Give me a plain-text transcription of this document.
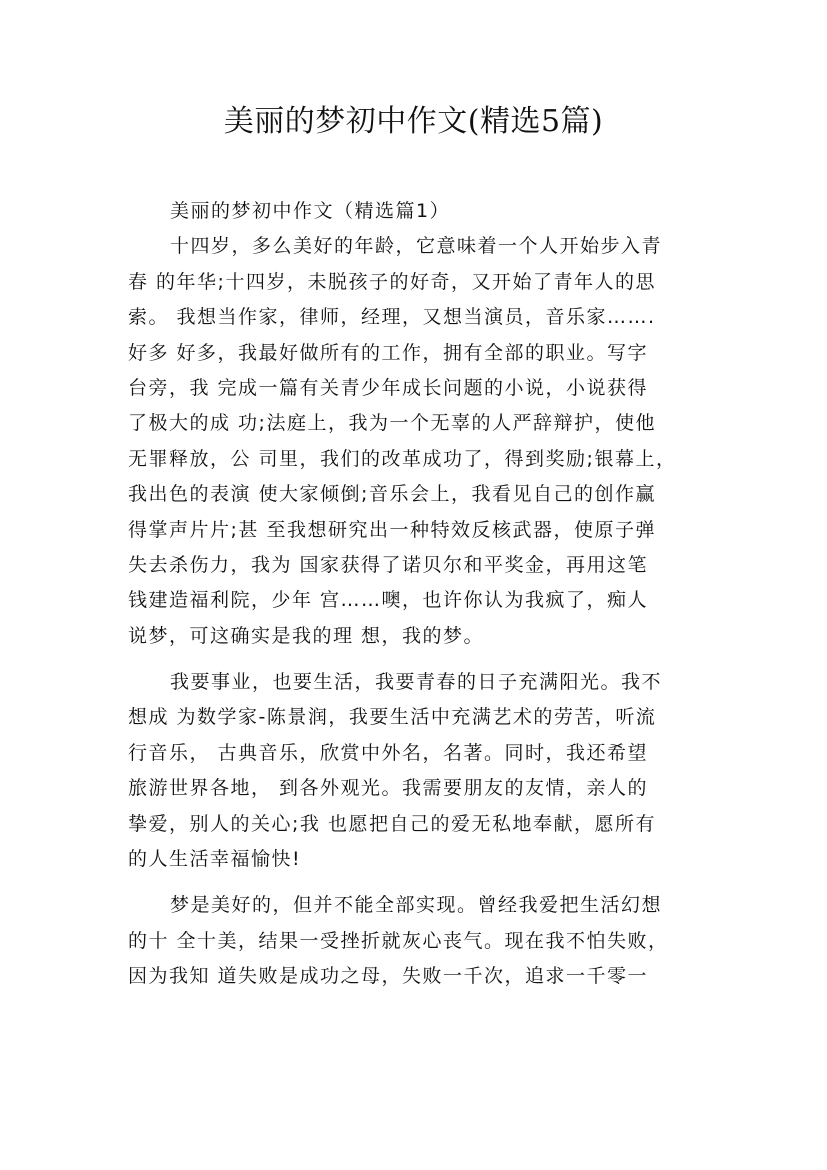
美丽的梦初中作文(精选5篇)
美丽的梦初中作文（精选篇1）
十四岁，多么美好的年龄，它意味着一个人开始步入青
春 的年华;十四岁，未脱孩子的好奇，又开始了青年人的思
索。 我想当作家，律师，经理，又想当演员，音乐家…….
好多 好多，我最好做所有的工作，拥有全部的职业。写字
台旁，我 完成一篇有关青少年成长问题的小说，小说获得
了极大的成 功;法庭上，我为一个无辜的人严辞辩护，使他
无罪释放，公 司里，我们的改革成功了，得到奖励;银幕上，
我出色的表演 使大家倾倒;音乐会上，我看见自己的创作赢
得掌声片片;甚 至我想研究出一种特效反核武器，使原子弹
失去杀伤力，我为 国家获得了诺贝尔和平奖金，再用这笔
钱建造福利院，少年 宫……噢，也许你认为我疯了，痴人
说梦，可这确实是我的理 想，我的梦。
我要事业，也要生活，我要青春的日子充满阳光。我不
想成 为数学家-陈景润，我要生活中充满艺术的劳苦，听流
行音乐， 古典音乐，欣赏中外名，名著。同时，我还希望
旅游世界各地， 到各外观光。我需要朋友的友情，亲人的
挚爱，别人的关心;我 也愿把自己的爱无私地奉献，愿所有
的人生活幸福愉快!
梦是美好的，但并不能全部实现。曾经我爱把生活幻想
的十 全十美，结果一受挫折就灰心丧气。现在我不怕失败，
因为我知 道失败是成功之母，失败一千次，追求一千零一
